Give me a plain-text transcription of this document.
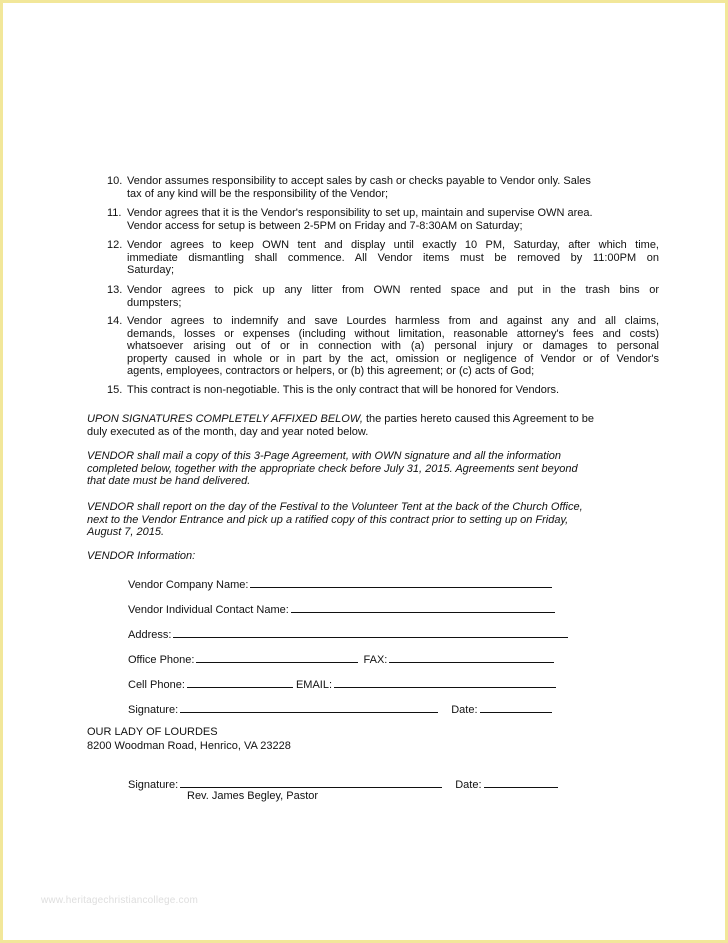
10. Vendor assumes responsibility to accept sales by cash or checks payable to Vendor only. Sales
tax of any kind will be the responsibility of the Vendor;
11. Vendor agrees that it is the Vendor's responsibility to set up, maintain and supervise OWN area.
Vendor access for setup is between 2-5PM on Friday and 7-8:30AM on Saturday;
12. Vendor agrees to keep OWN tent and display until exactly 10 PM, Saturday, after which time,
immediate dismantling shall commence. All Vendor items must be removed by 11:00PM on
Saturday;
13. Vendor agrees to pick up any litter from OWN rented space and put in the trash bins or
dumpsters;
14. Vendor agrees to indemnify and save Lourdes harmless from and against any and all claims,
demands, losses or expenses (including without limitation, reasonable attorney's fees and costs)
whatsoever arising out of or in connection with (a) personal injury or damages to personal
property caused in whole or in part by the act, omission or negligence of Vendor or of Vendor's
agents, employees, contractors or helpers, or (b) this agreement; or (c) acts of God;
15. This contract is non-negotiable. This is the only contract that will be honored for Vendors.
UPON SIGNATURES COMPLETELY AFFIXED BELOW, the parties hereto caused this Agreement to be
duly executed as of the month, day and year noted below.
VENDOR shall mail a copy of this 3-Page Agreement, with OWN signature and all the information
completed below, together with the appropriate check before July 31, 2015. Agreements sent beyond
that date must be hand delivered.
VENDOR shall report on the day of the Festival to the Volunteer Tent at the back of the Church Office,
next to the Vendor Entrance and pick up a ratified copy of this contract prior to setting up on Friday,
August 7, 2015.
VENDOR Information:
Vendor Company Name:
Vendor Individual Contact Name:
Address:
Office Phone:	FAX:
Cell Phone:	EMAIL:
Signature:	Date:
OUR LADY OF LOURDES
8200 Woodman Road, Henrico, VA 23228
Signature:	Date:
Rev. James Begley, Pastor
www.heritagechristiancollege.com
